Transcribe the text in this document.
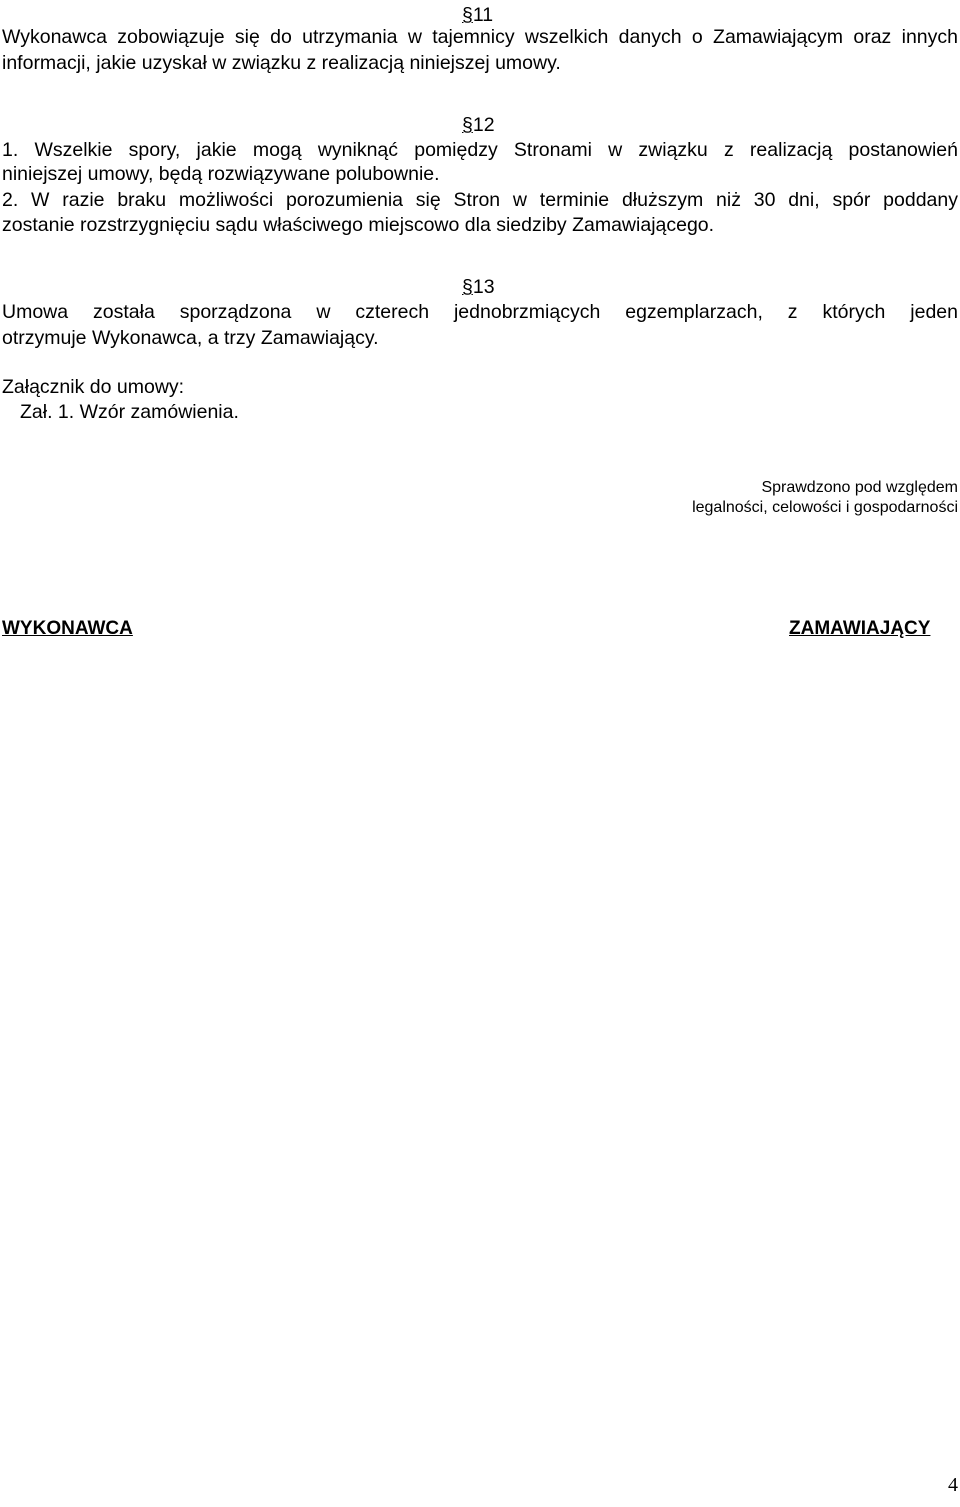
§11
Wykonawca zobowiązuje się do utrzymania w tajemnicy wszelkich danych o Zamawiającym oraz innych informacji, jakie uzyskał w związku z realizacją niniejszej umowy.
§12
1. Wszelkie spory, jakie mogą wyniknąć pomiędzy Stronami w związku z realizacją postanowień
niniejszej umowy, będą rozwiązywane polubownie.
2. W razie braku możliwości porozumienia się Stron w terminie dłuższym niż 30 dni, spór poddany
zostanie rozstrzygnięciu sądu właściwego miejscowo dla siedziby Zamawiającego.
§13
Umowa została sporządzona w czterech jednobrzmiących egzemplarzach, z których jeden
otrzymuje Wykonawca, a trzy Zamawiający.
Załącznik do umowy:
Zał. 1. Wzór zamówienia.
Sprawdzono pod względem
legalności, celowości i gospodarności
WYKONAWCA	ZAMAWIAJĄCY
4
